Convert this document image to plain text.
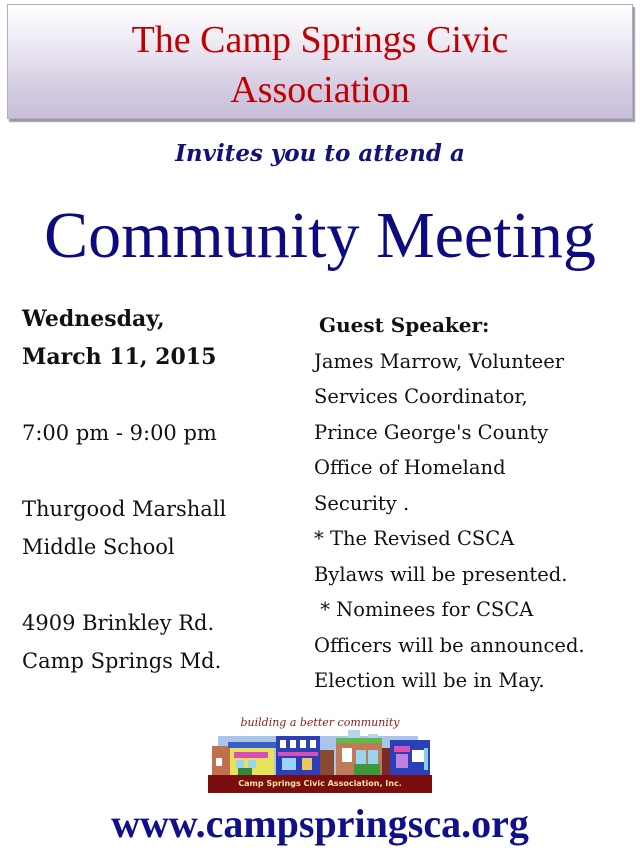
The Camp Springs Civic
Association
Invites you to attend a
Community Meeting
Wednesday,
March 11, 2015
7:00 pm - 9:00 pm
Thurgood Marshall
Middle School
4909 Brinkley Rd.
Camp Springs Md.
Guest Speaker:
James Marrow, Volunteer
Services Coordinator,
Prince George's County
Office of Homeland
Security .
* The Revised CSCA
Bylaws will be presented.
* Nominees for CSCA
Officers will be announced.
Election will be in May.
building a better community
Camp Springs Civic Association, Inc.
www.campspringsca.org
